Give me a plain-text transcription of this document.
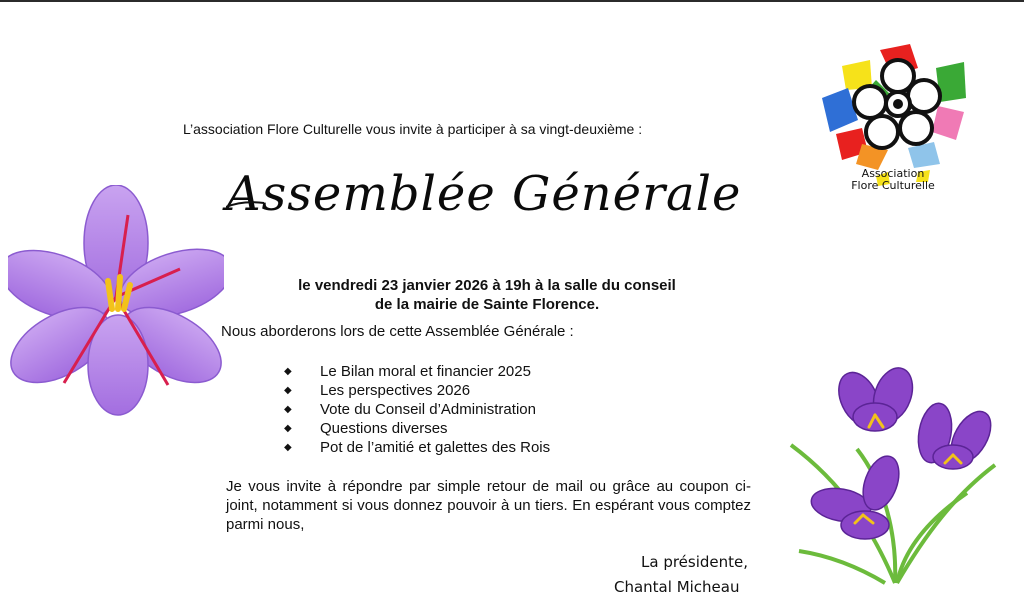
L’association Flore Culturelle vous invite à participer à sa vingt-deuxième :
Assemblée Générale
le vendredi 23 janvier 2026 à 19h à la salle du conseil
de la mairie de Sainte Florence.
Nous aborderons lors de cette Assemblée Générale :
◆ Le Bilan moral et financier 2025
◆ Les perspectives 2026
◆ Vote du Conseil d’Administration
◆ Questions diverses
◆ Pot de l’amitié et galettes des Rois
Je vous invite à répondre par simple retour de mail ou grâce au coupon ci-joint, notamment si vous donnez pouvoir à un tiers. En espérant vous comptez parmi nous,
La présidente,
Chantal Micheau
Association
Flore Culturelle
